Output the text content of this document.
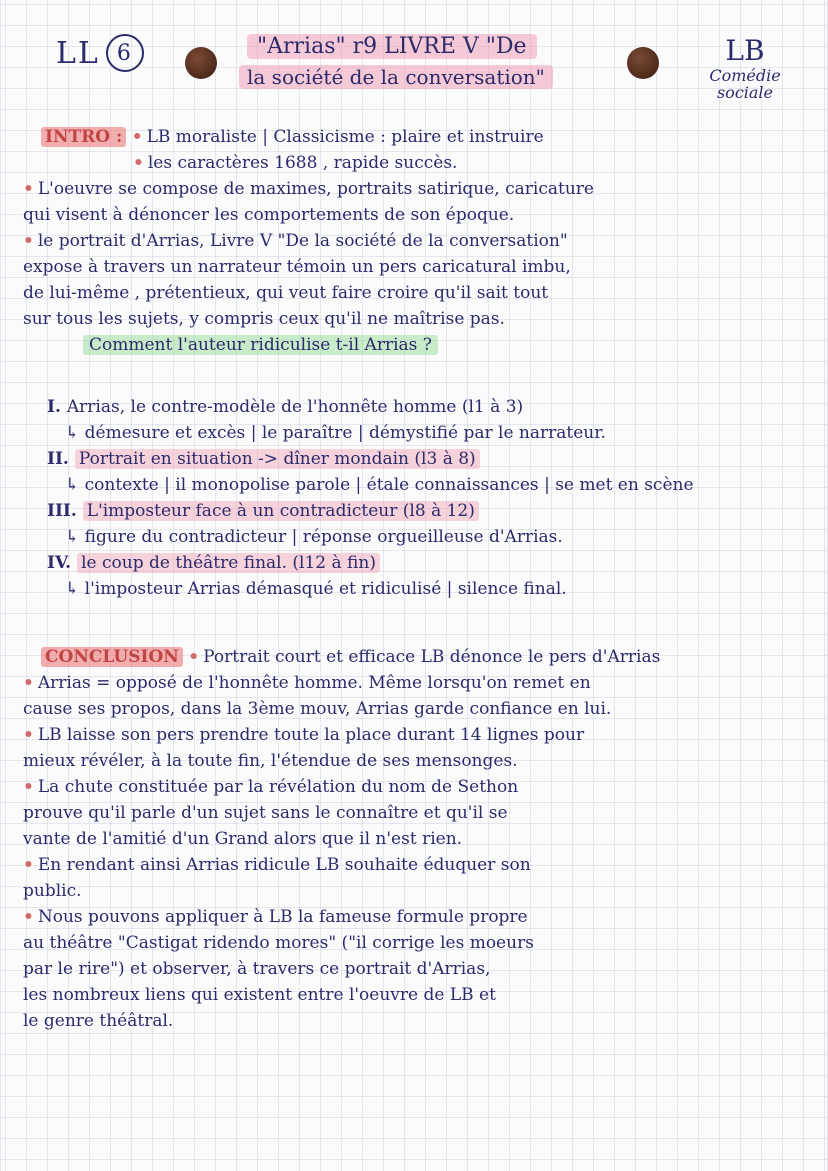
LL 6	"Arrias" r9 LIVRE V "De
la société de la conversation"
LB
Comédie
sociale
INTRO : • LB moraliste | Classicisme : plaire et instruire
• les caractères 1688 , rapide succès.
• L'oeuvre se compose de maximes, portraits satirique, caricature
qui visent à dénoncer les comportements de son époque.
• le portrait d'Arrias, Livre V "De la société de la conversation"
expose à travers un narrateur témoin un pers caricatural imbu,
de lui-même , prétentieux, qui veut faire croire qu'il sait tout
sur tous les sujets, y compris ceux qu'il ne maîtrise pas.
Comment l'auteur ridiculise t-il Arrias ?
I. Arrias, le contre-modèle de l'honnête homme (l1 à 3)
↳ démesure et excès | le paraître | démystifié par le narrateur.
II. Portrait en situation -> dîner mondain (l3 à 8)
↳ contexte | il monopolise parole | étale connaissances | se met en scène
III. L'imposteur face à un contradicteur (l8 à 12)
↳ figure du contradicteur | réponse orgueilleuse d'Arrias.
IV. le coup de théâtre final. (l12 à fin)
↳ l'imposteur Arrias démasqué et ridiculisé | silence final.
CONCLUSION • Portrait court et efficace LB dénonce le pers d'Arrias
• Arrias = opposé de l'honnête homme. Même lorsqu'on remet en
cause ses propos, dans la 3ème mouv, Arrias garde confiance en lui.
• LB laisse son pers prendre toute la place durant 14 lignes pour
mieux révéler, à la toute fin, l'étendue de ses mensonges.
• La chute constituée par la révélation du nom de Sethon
prouve qu'il parle d'un sujet sans le connaître et qu'il se
vante de l'amitié d'un Grand alors que il n'est rien.
• En rendant ainsi Arrias ridicule LB souhaite éduquer son
public.
• Nous pouvons appliquer à LB la fameuse formule propre
au théâtre "Castigat ridendo mores" ("il corrige les moeurs
par le rire") et observer, à travers ce portrait d'Arrias,
les nombreux liens qui existent entre l'oeuvre de LB et
le genre théâtral.
